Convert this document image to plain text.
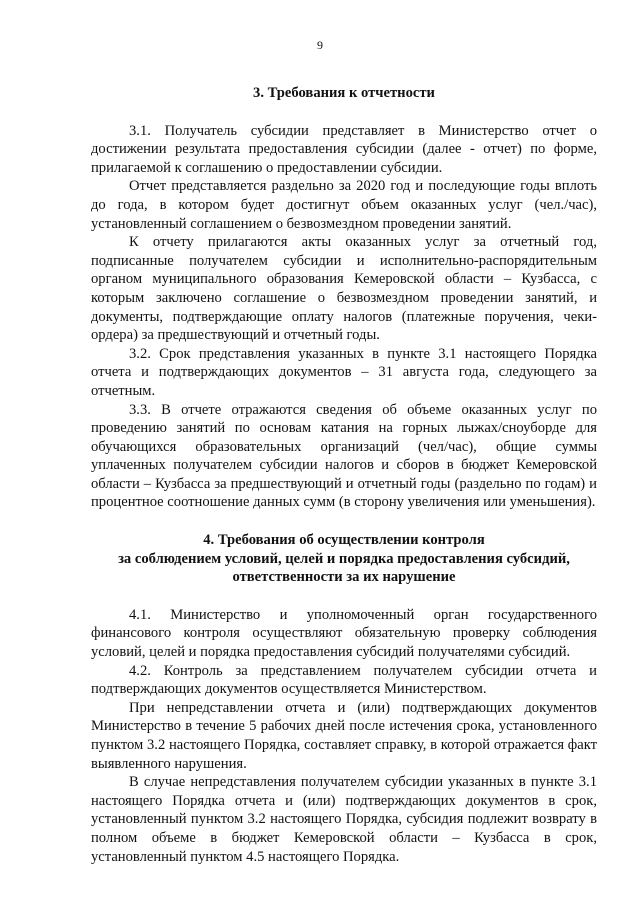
9

3. Требования к отчетности

3.1. Получатель субсидии представляет в Министерство отчет о достижении результата предоставления субсидии (далее - отчет) по форме, прилагаемой к соглашению о предоставлении субсидии.

Отчет представляется раздельно за 2020 год и последующие годы вплоть до года, в котором будет достигнут объем оказанных услуг (чел./час), установленный соглашением о безвозмездном проведении занятий.

К отчету прилагаются акты оказанных услуг за отчетный год, подписанные получателем субсидии и исполнительно-распорядительным органом муниципального образования Кемеровской области – Кузбасса, с которым заключено соглашение о безвозмездном проведении занятий, и документы, подтверждающие оплату налогов (платежные поручения, чеки-ордера) за предшествующий и отчетный годы.

3.2. Срок представления указанных в пункте 3.1 настоящего Порядка отчета и подтверждающих документов – 31 августа года, следующего за отчетным.

3.3. В отчете отражаются сведения об объеме оказанных услуг по проведению занятий по основам катания на горных лыжах/сноуборде для обучающихся образовательных организаций (чел/час), общие суммы уплаченных получателем субсидии налогов и сборов в бюджет Кемеровской области – Кузбасса за предшествующий и отчетный годы (раздельно по годам) и процентное соотношение данных сумм (в сторону увеличения или уменьшения).

4. Требования об осуществлении контроля
за соблюдением условий, целей и порядка предоставления субсидий,
ответственности за их нарушение

4.1. Министерство и уполномоченный орган государственного финансового контроля осуществляют обязательную проверку соблюдения условий, целей и порядка предоставления субсидий получателями субсидий.

4.2. Контроль за представлением получателем субсидии отчета и подтверждающих документов осуществляется Министерством.

При непредставлении отчета и (или) подтверждающих документов Министерство в течение 5 рабочих дней после истечения срока, установленного пунктом 3.2 настоящего Порядка, составляет справку, в которой отражается факт выявленного нарушения.

В случае непредставления получателем субсидии указанных в пункте 3.1 настоящего Порядка отчета и (или) подтверждающих документов в срок, установленный пунктом 3.2 настоящего Порядка, субсидия подлежит возврату в полном объеме в бюджет Кемеровской области – Кузбасса в срок, установленный пунктом 4.5 настоящего Порядка.
